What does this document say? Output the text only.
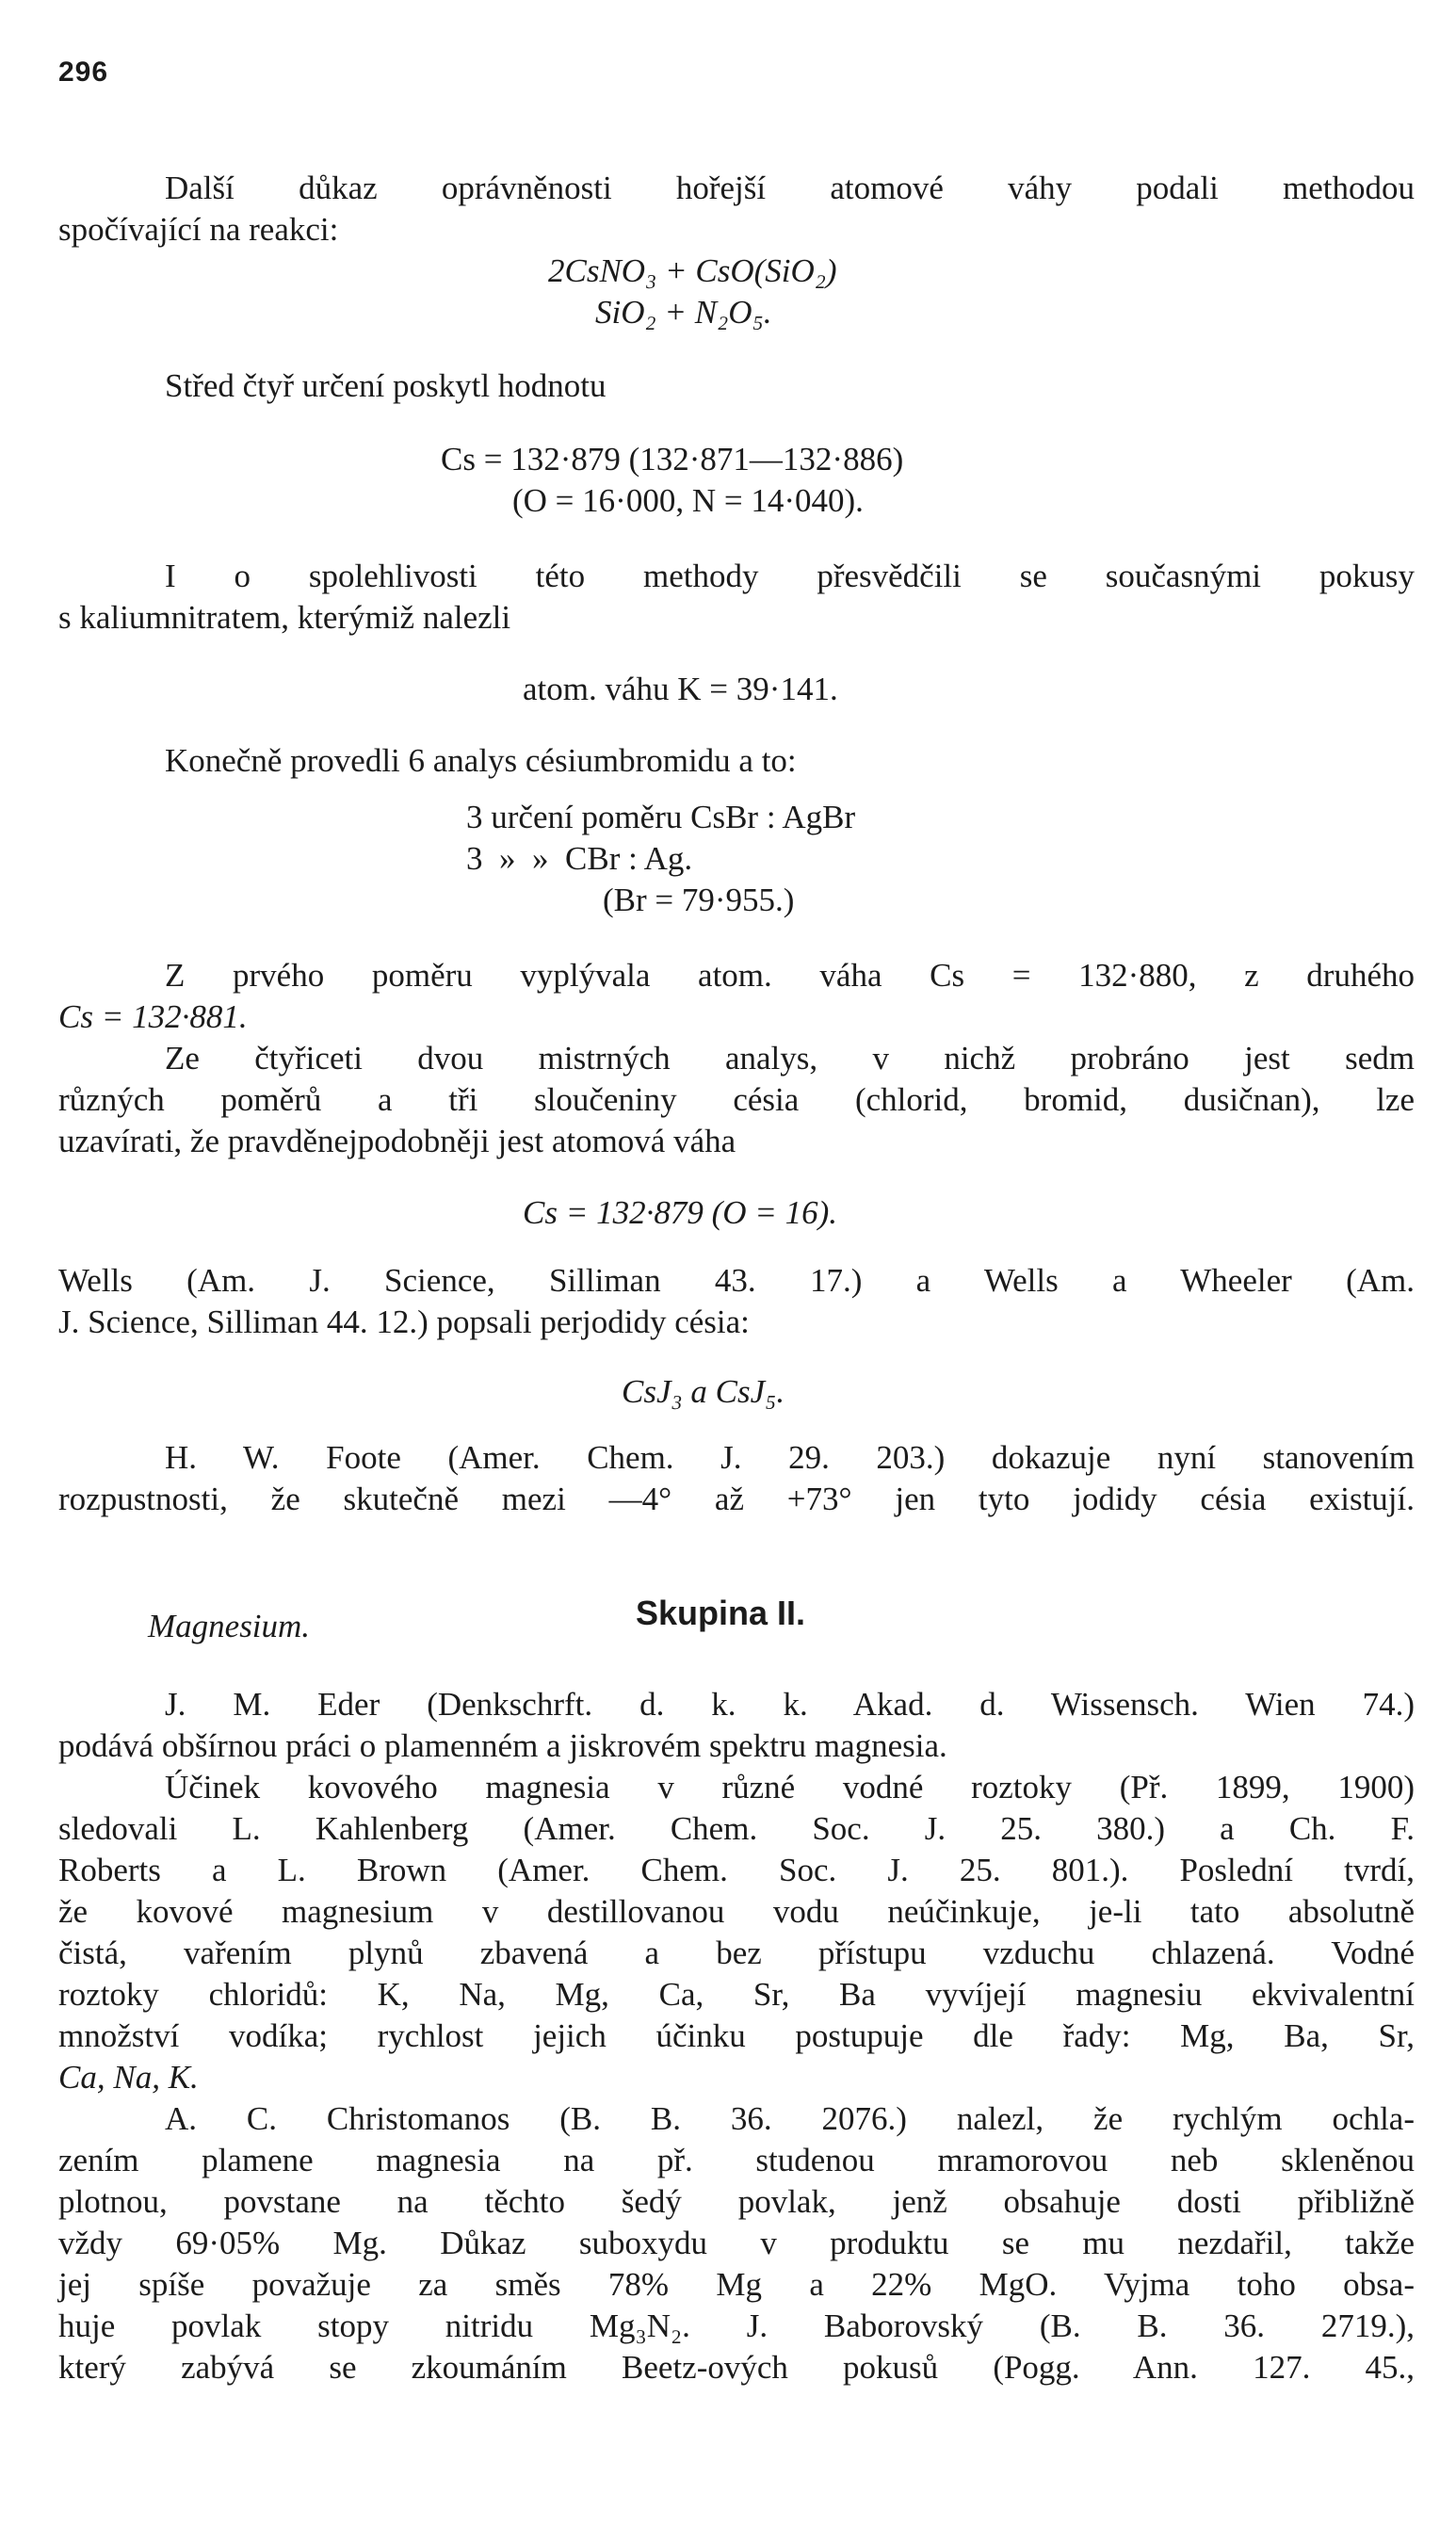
296
Další důkaz oprávněnosti hořejší atomové váhy podali methodou
spočívající na reakci:
2CsNO₃ + CsO(SiO₂)
SiO₂ + N₂O₅.
Střed čtyř určení poskytl hodnotu
Cs = 132·879 (132·871—132·886)
(O = 16·000, N = 14·040).
I o spolehlivosti této methody přesvědčili se současnými pokusy
s kaliumnitratem, kterýmiž nalezli
atom. váhu K = 39·141.
Konečně provedli 6 analys césiumbromidu a to:
3 určení poměru CsBr : AgBr
3  »  »  CBr : Ag.
(Br = 79·955.)
Z prvého poměru vyplývala atom. váha Cs = 132·880, z druhého
Cs = 132·881.
Ze čtyřiceti dvou mistrných analys, v nichž probráno jest sedm
různých poměrů a tři sloučeniny césia (chlorid, bromid, dusičnan), lze
uzavírati, že pravděnejpodobněji jest atomová váha
Cs = 132·879 (O = 16).
Wells (Am. J. Science, Silliman 43. 17.) a Wells a Wheeler (Am.
J. Science, Silliman 44. 12.) popsali perjodidy césia:
CsJ₃ a CsJ₅.
H. W. Foote (Amer. Chem. J. 29. 203.) dokazuje nyní stanovením
rozpustnosti, že skutečně mezi —4° až +73° jen tyto jodidy césia existují.
Magnesium.	Skupina II.
J. M. Eder (Denkschrft. d. k. k. Akad. d. Wissensch. Wien 74.)
podává obšírnou práci o plamenném a jiskrovém spektru magnesia.
Účinek kovového magnesia v různé vodné roztoky (Př. 1899, 1900)
sledovali L. Kahlenberg (Amer. Chem. Soc. J. 25. 380.) a Ch. F.
Roberts a L. Brown (Amer. Chem. Soc. J. 25. 801.). Poslední tvrdí,
že kovové magnesium v destillovanou vodu neúčinkuje, je-li tato absolutně
čistá, vařením plynů zbavená a bez přístupu vzduchu chlazená. Vodné
roztoky chloridů: K, Na, Mg, Ca, Sr, Ba vyvíjejí magnesiu ekvivalentní
množství vodíka; rychlost jejich účinku postupuje dle řady: Mg, Ba, Sr,
Ca, Na, K.
A. C. Christomanos (B. B. 36. 2076.) nalezl, že rychlým ochla-
zením plamene magnesia na př. studenou mramorovou neb skleněnou
plotnou, povstane na těchto šedý povlak, jenž obsahuje dosti přibližně
vždy 69·05% Mg. Důkaz suboxydu v produktu se mu nezdařil, takže
jej spíše považuje za směs 78% Mg a 22% MgO. Vyjma toho obsa-
huje povlak stopy nitridu Mg₃N₂. J. Baborovský (B. B. 36. 2719.),
který zabývá se zkoumáním Beetz-ových pokusů (Pogg. Ann. 127. 45.,
